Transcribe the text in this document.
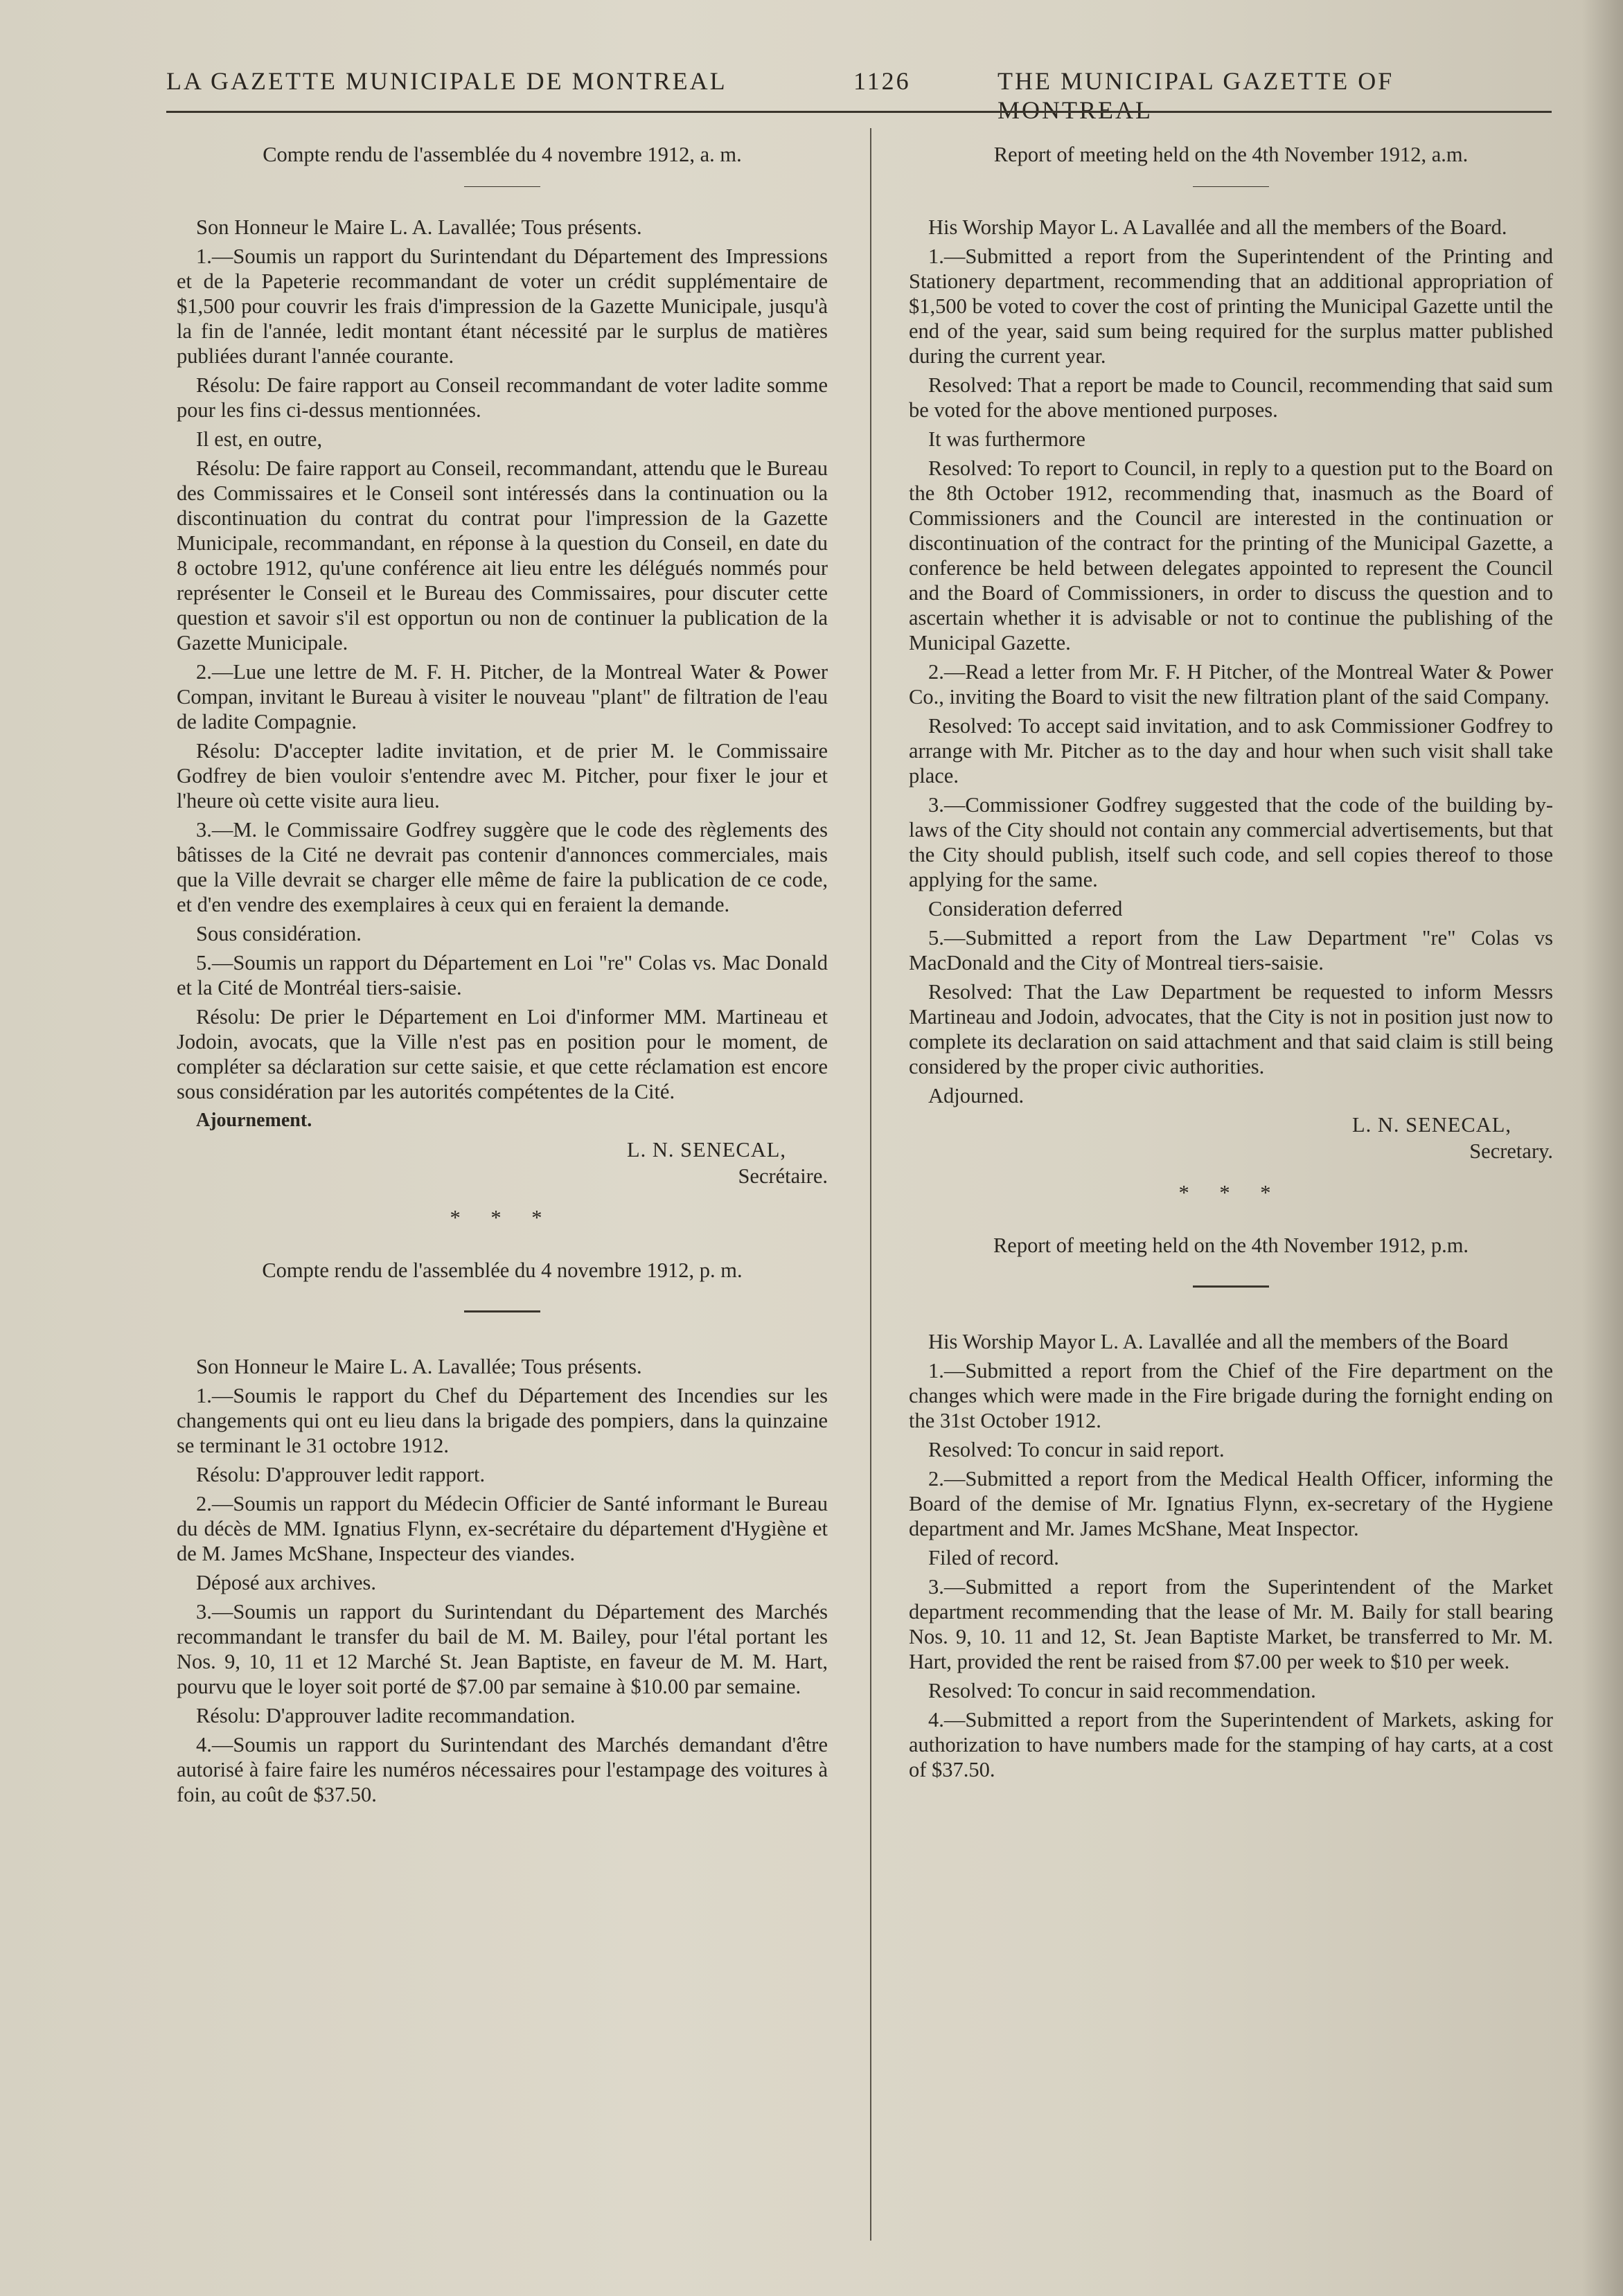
LA GAZETTE MUNICIPALE DE MONTREAL	1126	THE MUNICIPAL GAZETTE OF MONTREAL

Compte rendu de l'assemblée du 4 novembre 1912, a. m.

Son Honneur le Maire L. A. Lavallée; Tous présents.

1.—Soumis un rapport du Surintendant du Département des Impressions et de la Papeterie recommandant de voter un crédit supplémentaire de $1,500 pour couvrir les frais d'impression de la Gazette Municipale, jusqu'à la fin de l'année, ledit montant étant nécessité par le surplus de matières publiées durant l'année courante.

Résolu: De faire rapport au Conseil recommandant de voter ladite somme pour les fins ci-dessus mentionnées.

Il est, en outre,

Résolu: De faire rapport au Conseil, recommandant, attendu que le Bureau des Commissaires et le Conseil sont intéressés dans la continuation ou la discontinuation du contrat du contrat pour l'impression de la Gazette Municipale, recommandant, en réponse à la question du Conseil, en date du 8 octobre 1912, qu'une conférence ait lieu entre les délégués nommés pour représenter le Conseil et le Bureau des Commissaires, pour discuter cette question et savoir s'il est opportun ou non de continuer la publication de la Gazette Municipale.

2.—Lue une lettre de M. F. H. Pitcher, de la Montreal Water & Power Compan, invitant le Bureau à visiter le nouveau "plant" de filtration de l'eau de ladite Compagnie.

Résolu: D'accepter ladite invitation, et de prier M. le Commissaire Godfrey de bien vouloir s'entendre avec M. Pitcher, pour fixer le jour et l'heure où cette visite aura lieu.

3.—M. le Commissaire Godfrey suggère que le code des règlements des bâtisses de la Cité ne devrait pas contenir d'annonces commerciales, mais que la Ville devrait se charger elle même de faire la publication de ce code, et d'en vendre des exemplaires à ceux qui en feraient la demande.

Sous considération.

5.—Soumis un rapport du Département en Loi "re" Colas vs. Mac Donald et la Cité de Montréal tiers-saisie.

Résolu: De prier le Département en Loi d'informer MM. Martineau et Jodoin, avocats, que la Ville n'est pas en position pour le moment, de compléter sa déclaration sur cette saisie, et que cette réclamation est encore sous considération par les autorités compétentes de la Cité.

Ajournement.

L. N. SENECAL,

Secrétaire.

* * *

Compte rendu de l'assemblée du 4 novembre 1912, p. m.

Son Honneur le Maire L. A. Lavallée; Tous présents.

1.—Soumis le rapport du Chef du Département des Incendies sur les changements qui ont eu lieu dans la brigade des pompiers, dans la quinzaine se terminant le 31 octobre 1912.

Résolu: D'approuver ledit rapport.

2.—Soumis un rapport du Médecin Officier de Santé informant le Bureau du décès de MM. Ignatius Flynn, ex-secrétaire du département d'Hygiène et de M. James McShane, Inspecteur des viandes.

Déposé aux archives.

3.—Soumis un rapport du Surintendant du Département des Marchés recommandant le transfer du bail de M. M. Bailey, pour l'étal portant les Nos. 9, 10, 11 et 12 Marché St. Jean Baptiste, en faveur de M. M. Hart, pourvu que le loyer soit porté de $7.00 par semaine à $10.00 par semaine.

Résolu: D'approuver ladite recommandation.

4.—Soumis un rapport du Surintendant des Marchés demandant d'être autorisé à faire faire les numéros nécessaires pour l'estampage des voitures à foin, au coût de $37.50.

Report of meeting held on the 4th November 1912, a.m.

His Worship Mayor L. A Lavallée and all the members of the Board.

1.—Submitted a report from the Superintendent of the Printing and Stationery department, recommending that an additional appropriation of $1,500 be voted to cover the cost of printing the Municipal Gazette until the end of the year, said sum being required for the surplus matter published during the current year.

Resolved: That a report be made to Council, recommending that said sum be voted for the above mentioned purposes.

It was furthermore

Resolved: To report to Council, in reply to a question put to the Board on the 8th October 1912, recommending that, inasmuch as the Board of Commissioners and the Council are interested in the continuation or discontinuation of the contract for the printing of the Municipal Gazette, a conference be held between delegates appointed to represent the Council and the Board of Commissioners, in order to discuss the question and to ascertain whether it is advisable or not to continue the publishing of the Municipal Gazette.

2.—Read a letter from Mr. F. H Pitcher, of the Montreal Water & Power Co., inviting the Board to visit the new filtration plant of the said Company.

Resolved: To accept said invitation, and to ask Commissioner Godfrey to arrange with Mr. Pitcher as to the day and hour when such visit shall take place.

3.—Commissioner Godfrey suggested that the code of the building by-laws of the City should not contain any commercial advertisements, but that the City should publish, itself such code, and sell copies thereof to those applying for the same.

Consideration deferred

5.—Submitted a report from the Law Department "re" Colas vs MacDonald and the City of Montreal tiers-saisie.

Resolved: That the Law Department be requested to inform Messrs Martineau and Jodoin, advocates, that the City is not in position just now to complete its declaration on said attachment and that said claim is still being considered by the proper civic authorities.

Adjourned.

L. N. SENECAL,

Secretary.

* * *

Report of meeting held on the 4th November 1912, p.m.

His Worship Mayor L. A. Lavallée and all the members of the Board

1.—Submitted a report from the Chief of the Fire department on the changes which were made in the Fire brigade during the fornight ending on the 31st October 1912.

Resolved: To concur in said report.

2.—Submitted a report from the Medical Health Officer, informing the Board of the demise of Mr. Ignatius Flynn, ex-secretary of the Hygiene department and Mr. James McShane, Meat Inspector.

Filed of record.

3.—Submitted a report from the Superintendent of the Market department recommending that the lease of Mr. M. Baily for stall bearing Nos. 9, 10. 11 and 12, St. Jean Baptiste Market, be transferred to Mr. M. Hart, provided the rent be raised from $7.00 per week to $10 per week.

Resolved: To concur in said recommendation.

4.—Submitted a report from the Superintendent of Markets, asking for authorization to have numbers made for the stamping of hay carts, at a cost of $37.50.
